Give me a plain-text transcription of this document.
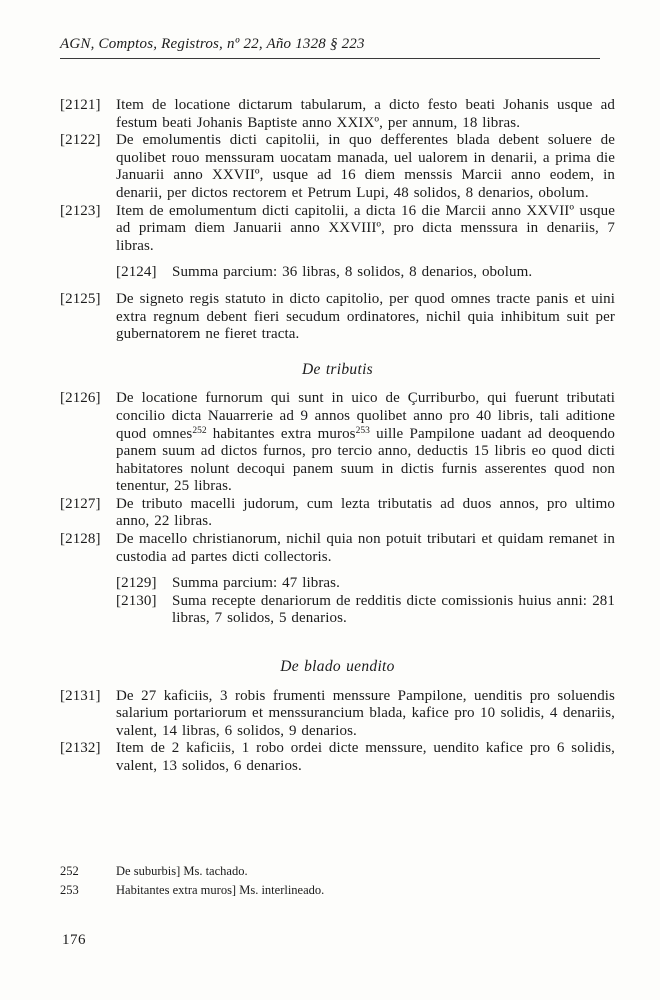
AGN, Comptos, Registros, nº 22, Año 1328 § 223
[2121] Item de locatione dictarum tabularum, a dicto festo beati Johanis usque ad festum beati Johanis Baptiste anno XXIXº, per annum, 18 libras.
[2122] De emolumentis dicti capitolii, in quo defferentes blada debent soluere de quolibet rouo menssuram uocatam manada, uel ualorem in denarii, a prima die Januarii anno XXVIIº, usque ad 16 diem menssis Marcii anno eodem, in denarii, per dictos rectorem et Petrum Lupi, 48 solidos, 8 denarios, obolum.
[2123] Item de emolumentum dicti capitolii, a dicta 16 die Marcii anno XXVIIº usque ad primam diem Januarii anno XXVIIIº, pro dicta menssura in denariis, 7 libras.
[2124] Summa parcium: 36 libras, 8 solidos, 8 denarios, obolum.
[2125] De signeto regis statuto in dicto capitolio, per quod omnes tracte panis et uini extra regnum debent fieri secudum ordinatores, nichil quia inhibitum suit per gubernatorem ne fieret tracta.
De tributis
[2126] De locatione furnorum qui sunt in uico de Çurriburbo, qui fuerunt tributati concilio dicta Nauarrerie ad 9 annos quolibet anno pro 40 libris, tali aditione quod omnes$^{252}$ habitantes extra muros$^{253}$ uille Pampilone uadant ad deoquendo panem suum ad dictos furnos, pro tercio anno, deductis 15 libris eo quod dicti habitatores nolunt decoqui panem suum in dictis furnis asserentes quod non tenentur, 25 libras.
[2127] De tributo macelli judorum, cum lezta tributatis ad duos annos, pro ultimo anno, 22 libras.
[2128] De macello christianorum, nichil quia non potuit tributari et quidam remanet in custodia ad partes dicti collectoris.
[2129] Summa parcium: 47 libras.
[2130] Suma recepte denariorum de redditis dicte comissionis huius anni: 281 libras, 7 solidos, 5 denarios.
De blado uendito
[2131] De 27 kaficiis, 3 robis frumenti menssure Pampilone, uenditis pro soluendis salarium portariorum et menssurancium blada, kafice pro 10 solidis, 4 denariis, valent, 14 libras, 6 solidos, 9 denarios.
[2132] Item de 2 kaficiis, 1 robo ordei dicte menssure, uendito kafice pro 6 solidis, valent, 13 solidos, 6 denarios.
252	De suburbis] Ms. tachado.
253	Habitantes extra muros] Ms. interlineado.
176
